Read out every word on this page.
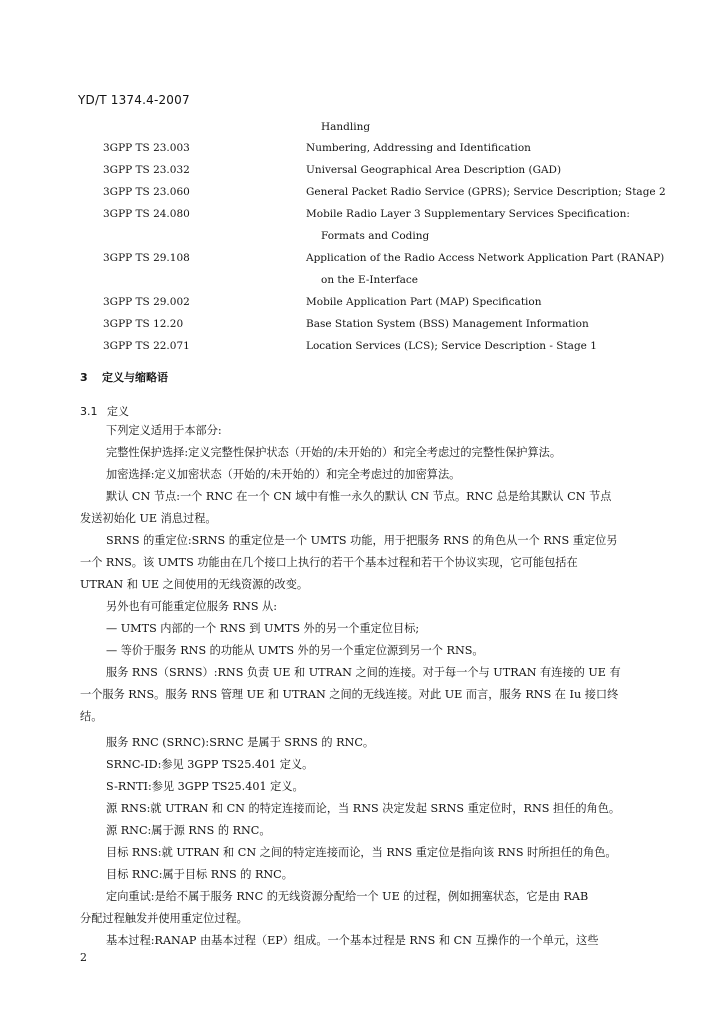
YD/T 1374.4-2007
Handling
3GPP TS 23.003	Numbering, Addressing and Identification
3GPP TS 23.032	Universal Geographical Area Description (GAD)
3GPP TS 23.060	General Packet Radio Service (GPRS); Service Description; Stage 2
3GPP TS 24.080	Mobile Radio Layer 3 Supplementary Services Specification:
Formats and Coding
3GPP TS 29.108	Application of the Radio Access Network Application Part (RANAP)
on the E-Interface
3GPP TS 29.002	Mobile Application Part (MAP) Specification
3GPP TS 12.20	Base Station System (BSS) Management Information
3GPP TS 22.071	Location Services (LCS); Service Description - Stage 1
3 定义与缩略语
3.1 定义
下列定义适用于本部分:
完整性保护选择:定义完整性保护状态（开始的/未开始的）和完全考虑过的完整性保护算法。
加密选择:定义加密状态（开始的/未开始的）和完全考虑过的加密算法。
默认 CN 节点:一个 RNC 在一个 CN 域中有惟一永久的默认 CN 节点。RNC 总是给其默认 CN 节点
发送初始化 UE 消息过程。
SRNS 的重定位:SRNS 的重定位是一个 UMTS 功能，用于把服务 RNS 的角色从一个 RNS 重定位另
一个 RNS。该 UMTS 功能由在几个接口上执行的若干个基本过程和若干个协议实现，它可能包括在
UTRAN 和 UE 之间使用的无线资源的改变。
另外也有可能重定位服务 RNS 从:
— UMTS 内部的一个 RNS 到 UMTS 外的另一个重定位目标;
— 等价于服务 RNS 的功能从 UMTS 外的另一个重定位源到另一个 RNS。
服务 RNS（SRNS）:RNS 负责 UE 和 UTRAN 之间的连接。对于每一个与 UTRAN 有连接的 UE 有
一个服务 RNS。服务 RNS 管理 UE 和 UTRAN 之间的无线连接。对此 UE 而言，服务 RNS 在 Iu 接口终
结。
服务 RNC (SRNC):SRNC 是属于 SRNS 的 RNC。
SRNC-ID:参见 3GPP TS25.401 定义。
S-RNTI:参见 3GPP TS25.401 定义。
源 RNS:就 UTRAN 和 CN 的特定连接而论，当 RNS 决定发起 SRNS 重定位时，RNS 担任的角色。
源 RNC:属于源 RNS 的 RNC。
目标 RNS:就 UTRAN 和 CN 之间的特定连接而论，当 RNS 重定位是指向该 RNS 时所担任的角色。
目标 RNC:属于目标 RNS 的 RNC。
定向重试:是给不属于服务 RNC 的无线资源分配给一个 UE 的过程，例如拥塞状态，它是由 RAB
分配过程触发并使用重定位过程。
基本过程:RANAP 由基本过程（EP）组成。一个基本过程是 RNS 和 CN 互操作的一个单元，这些
2
